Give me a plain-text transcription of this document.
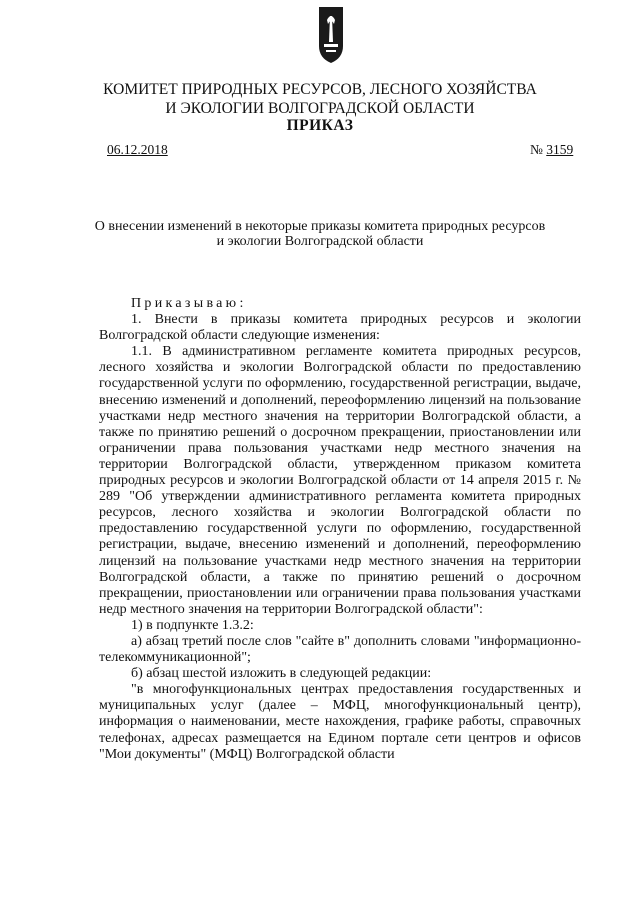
КОМИТЕТ ПРИРОДНЫХ РЕСУРСОВ, ЛЕСНОГО ХОЗЯЙСТВА
И ЭКОЛОГИИ ВОЛГОГРАДСКОЙ ОБЛАСТИ
ПРИКАЗ
06.12.2018	№ 3159
О внесении изменений в некоторые приказы комитета природных ресурсов
и экологии Волгоградской области

Приказываю:

1. Внести в приказы комитета природных ресурсов и экологии Волгоградской области следующие изменения:

1.1. В административном регламенте комитета природных ресурсов, лесного хозяйства и экологии Волгоградской области по предоставлению государственной услуги по оформлению, государственной регистрации, выдаче, внесению изменений и дополнений, переоформлению лицензий на пользование участками недр местного значения на территории Волгоградской области, а также по принятию решений о досрочном прекращении, приостановлении или ограничении права пользования участками недр местного значения на территории Волгоградской области, утвержденном приказом комитета природных ресурсов и экологии Волгоградской области от 14 апреля 2015 г. № 289 "Об утверждении административного регламента комитета природных ресурсов, лесного хозяйства и экологии Волгоградской области по предоставлению государственной услуги по оформлению, государственной регистрации, выдаче, внесению изменений и дополнений, переоформлению лицензий на пользование участками недр местного значения на территории Волгоградской области, а также по принятию решений о досрочном прекращении, приостановлении или ограничении права пользования участками недр местного значения на территории Волгоградской области":

1) в подпункте 1.3.2:

а) абзац третий после слов "сайте в" дополнить словами "информационно-телекоммуникационной";

б) абзац шестой изложить в следующей редакции:

"в многофункциональных центрах предоставления государственных и муниципальных услуг (далее – МФЦ, многофункциональный центр), информация о наименовании, месте нахождения, графике работы, справочных телефонах, адресах размещается на Едином портале сети центров и офисов "Мои документы" (МФЦ) Волгоградской области
